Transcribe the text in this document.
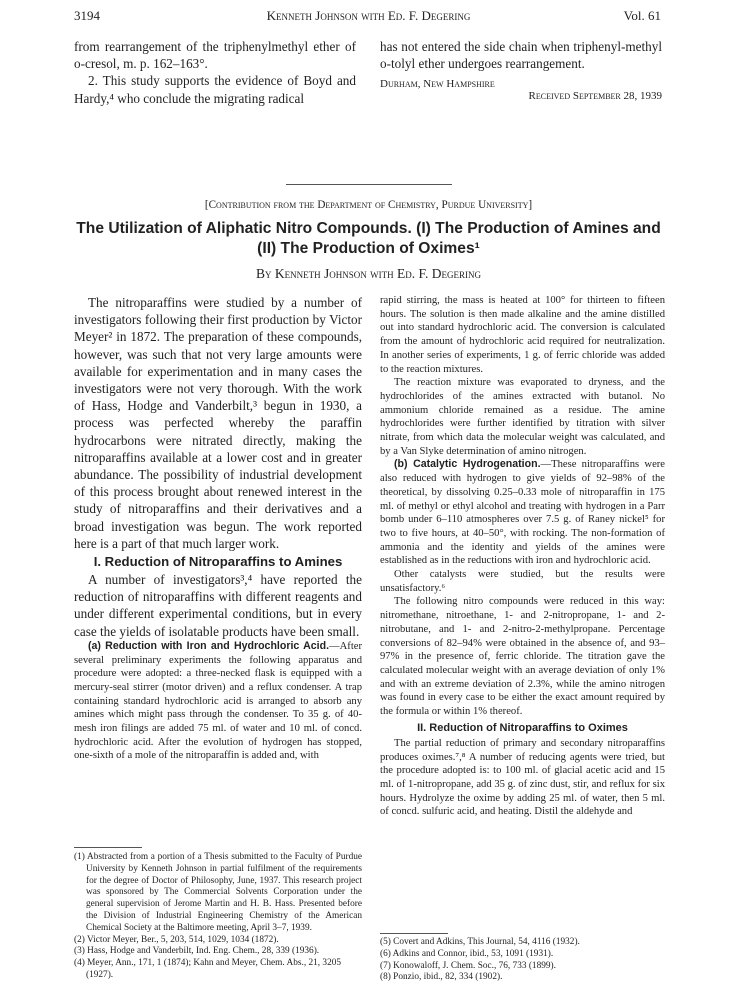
3194	Kenneth Johnson with Ed. F. Degering	Vol. 61

from rearrangement of the triphenylmethyl ether of o-cresol, m. p. 162–163°.

2. This study supports the evidence of Boyd and Hardy,⁴ who conclude the migrating radical

has not entered the side chain when triphenyl-methyl o-tolyl ether undergoes rearrangement.

Durham, New Hampshire
Received September 28, 1939
[Contribution from the Department of Chemistry, Purdue University]
The Utilization of Aliphatic Nitro Compounds. (I) The Production of Amines and
(II) The Production of Oximes¹
By Kenneth Johnson with Ed. F. Degering

The nitroparaffins were studied by a number of investigators following their first production by Victor Meyer² in 1872. The preparation of these compounds, however, was such that not very large amounts were available for experimentation and in many cases the investigators were not very thorough. With the work of Hass, Hodge and Vanderbilt,³ begun in 1930, a process was perfected whereby the paraffin hydrocarbons were nitrated directly, making the nitroparaffins available at a lower cost and in greater abundance. The possibility of industrial development of this process brought about renewed interest in the study of nitroparaffins and their derivatives and a broad investigation was begun. The work reported here is a part of that much larger work.

I. Reduction of Nitroparaffins to Amines

A number of investigators³,⁴ have reported the reduction of nitroparaffins with different reagents and under different experimental conditions, but in every case the yields of isolatable products have been small.

(a) Reduction with Iron and Hydrochloric Acid.—After several preliminary experiments the following apparatus and procedure were adopted: a three-necked flask is equipped with a mercury-seal stirrer (motor driven) and a reflux condenser. A trap containing standard hydrochloric acid is arranged to absorb any amines which might pass through the condenser. To 35 g. of 40-mesh iron filings are added 75 ml. of water and 10 ml. of concd. hydrochloric acid. After the evolution of hydrogen has stopped, one-sixth of a mole of the nitroparaffin is added and, with

(1) Abstracted from a portion of a Thesis submitted to the Faculty of Purdue University by Kenneth Johnson in partial fulfilment of the requirements for the degree of Doctor of Philosophy, June, 1937. This research project was sponsored by The Commercial Solvents Corporation under the general supervision of Jerome Martin and H. B. Hass. Presented before the Division of Industrial Engineering Chemistry of the American Chemical Society at the Baltimore meeting, April 3–7, 1939.

(2) Victor Meyer, Ber., 5, 203, 514, 1029, 1034 (1872).

(3) Hass, Hodge and Vanderbilt, Ind. Eng. Chem., 28, 339 (1936).

(4) Meyer, Ann., 171, 1 (1874); Kahn and Meyer, Chem. Abs., 21, 3205 (1927).

rapid stirring, the mass is heated at 100° for thirteen to fifteen hours. The solution is then made alkaline and the amine distilled out into standard hydrochloric acid. The conversion is calculated from the amount of hydrochloric acid required for neutralization. In another series of experiments, 1 g. of ferric chloride was added to the reaction mixtures.

The reaction mixture was evaporated to dryness, and the hydrochlorides of the amines extracted with butanol. No ammonium chloride remained as a residue. The amine hydrochlorides were further identified by titration with silver nitrate, from which data the molecular weight was calculated, and by a Van Slyke determination of amino nitrogen.

(b) Catalytic Hydrogenation.—These nitroparaffins were also reduced with hydrogen to give yields of 92–98% of the theoretical, by dissolving 0.25–0.33 mole of nitroparaffin in 175 ml. of methyl or ethyl alcohol and treating with hydrogen in a Parr bomb under 6–110 atmospheres over 7.5 g. of Raney nickel⁵ for two to five hours, at 40–50°, with rocking. The non-formation of ammonia and the identity and yields of the amines were established as in the reductions with iron and hydrochloric acid.

Other catalysts were studied, but the results were unsatisfactory.⁶

The following nitro compounds were reduced in this way: nitromethane, nitroethane, 1- and 2-nitropropane, 1- and 2-nitrobutane, and 1- and 2-nitro-2-methylpropane. Percentage conversions of 82–94% were obtained in the absence of, and 93–97% in the presence of, ferric chloride. The titration gave the calculated molecular weight with an average deviation of only 1% and with an extreme deviation of 2.3%, while the amino nitrogen was found in every case to be either the exact amount required by the formula or within 1% thereof.

II. Reduction of Nitroparaffins to Oximes

The partial reduction of primary and secondary nitroparaffins produces oximes.⁷,⁸ A number of reducing agents were tried, but the procedure adopted is: to 100 ml. of glacial acetic acid and 15 ml. of 1-nitropropane, add 35 g. of zinc dust, stir, and reflux for six hours. Hydrolyze the oxime by adding 25 ml. of water, then 5 ml. of concd. sulfuric acid, and heating. Distil the aldehyde and

(5) Covert and Adkins, This Journal, 54, 4116 (1932).

(6) Adkins and Connor, ibid., 53, 1091 (1931).

(7) Konowaloff, J. Chem. Soc., 76, 733 (1899).

(8) Ponzio, ibid., 82, 334 (1902).
